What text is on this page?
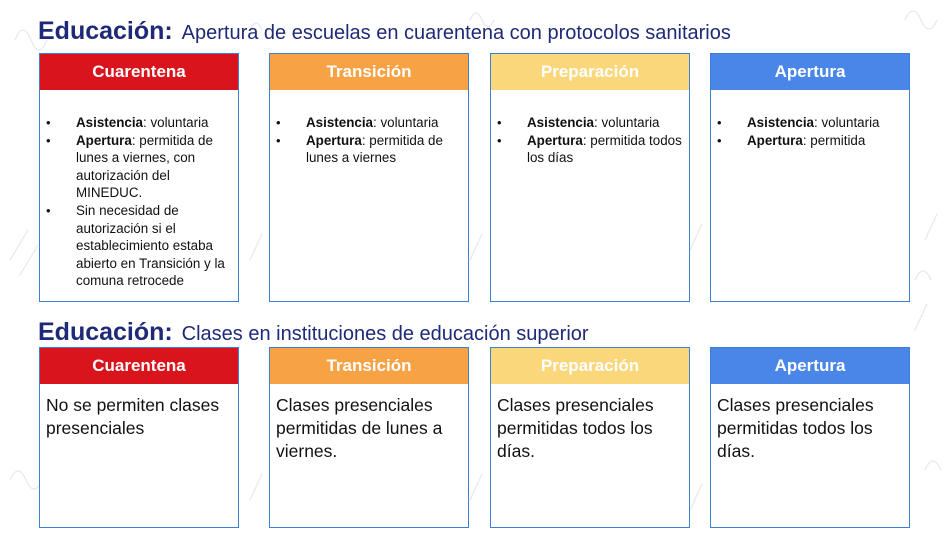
Educación: Apertura de escuelas en cuarentena con protocolos sanitarios
Cuarentena
• Asistencia: voluntaria
• Apertura: permitida de lunes a viernes, con autorización del MINEDUC.
• Sin necesidad de autorización si el establecimiento estaba abierto en Transición y la comuna retrocede
Transición
• Asistencia: voluntaria
• Apertura: permitida de lunes a viernes
Preparación
• Asistencia: voluntaria
• Apertura: permitida todos los días
Apertura
• Asistencia: voluntaria
• Apertura: permitida
Educación: Clases en instituciones de educación superior
Cuarentena
No se permiten clases presenciales
Transición
Clases presenciales permitidas de lunes a viernes.
Preparación
Clases presenciales permitidas todos los días.
Apertura
Clases presenciales permitidas todos los días.
